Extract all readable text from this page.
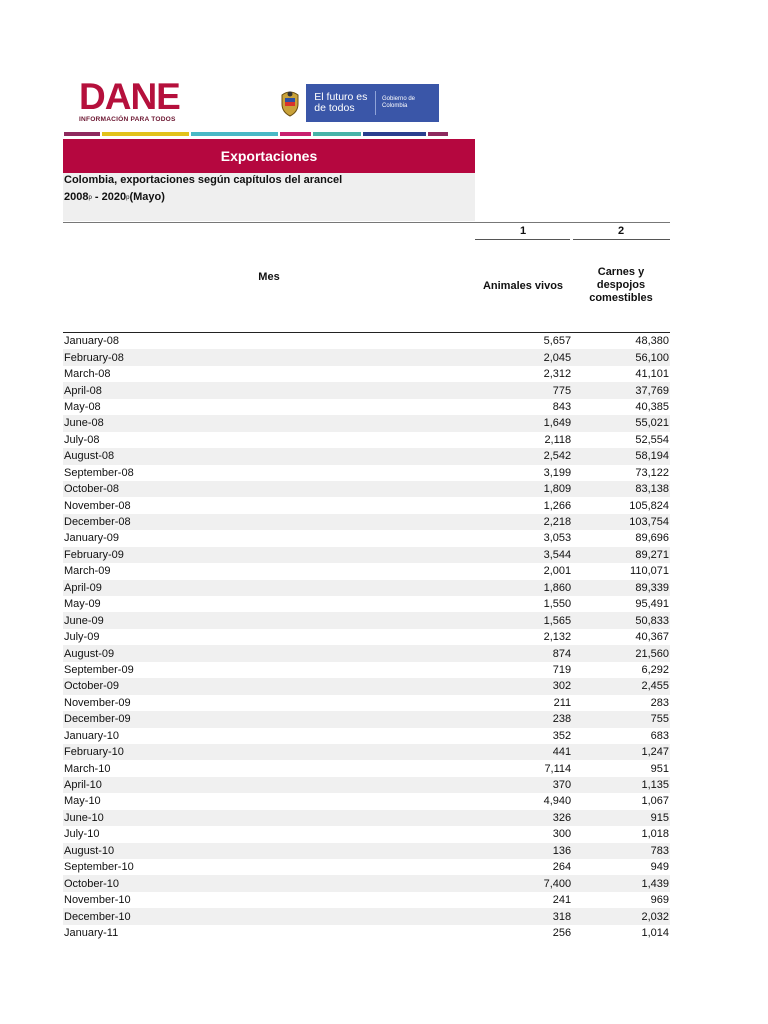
DANE
INFORMACIÓN PARA TODOS
El futuro es de todos
Gobierno de Colombia
Exportaciones
Colombia, exportaciones según capítulos del arancel
2008$^p$ - 2020$^p$(Mayo)
1	2
Mes
Animales vivos
Carnes y
despojos
comestibles
January-08	5,657	48,380
February-08	2,045	56,100
March-08	2,312	41,101
April-08	775	37,769
May-08	843	40,385
June-08	1,649	55,021
July-08	2,118	52,554
August-08	2,542	58,194
September-08	3,199	73,122
October-08	1,809	83,138
November-08	1,266	105,824
December-08	2,218	103,754
January-09	3,053	89,696
February-09	3,544	89,271
March-09	2,001	110,071
April-09	1,860	89,339
May-09	1,550	95,491
June-09	1,565	50,833
July-09	2,132	40,367
August-09	874	21,560
September-09	719	6,292
October-09	302	2,455
November-09	211	283
December-09	238	755
January-10	352	683
February-10	441	1,247
March-10	7,114	951
April-10	370	1,135
May-10	4,940	1,067
June-10	326	915
July-10	300	1,018
August-10	136	783
September-10	264	949
October-10	7,400	1,439
November-10	241	969
December-10	318	2,032
January-11	256	1,014
